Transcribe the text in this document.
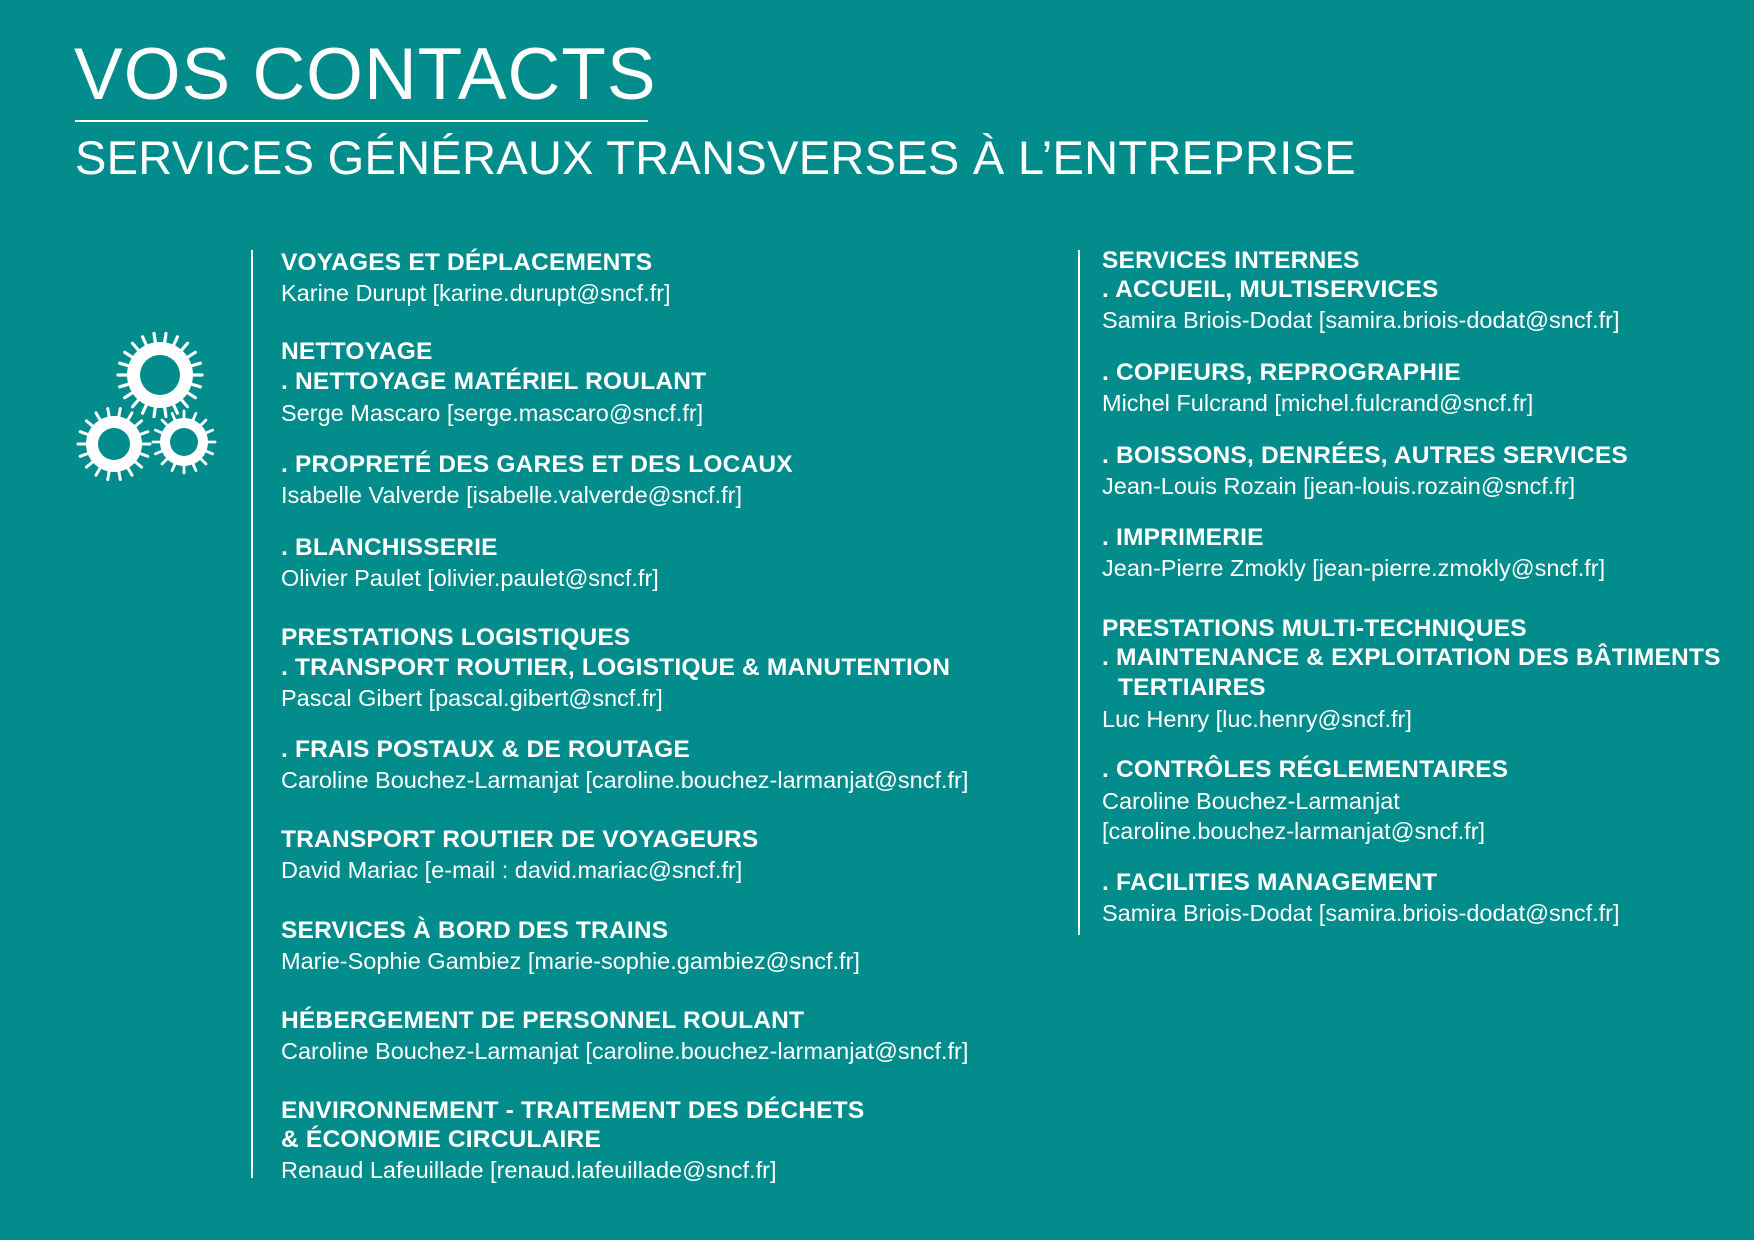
VOS CONTACTS
SERVICES GÉNÉRAUX TRANSVERSES À L’ENTREPRISE

VOYAGES ET DÉPLACEMENTS

Karine Durupt [karine.durupt@sncf.fr]

NETTOYAGE

. NETTOYAGE MATÉRIEL ROULANT

Serge Mascaro [serge.mascaro@sncf.fr]

. PROPRETÉ DES GARES ET DES LOCAUX

Isabelle Valverde [isabelle.valverde@sncf.fr]

. BLANCHISSERIE

Olivier Paulet [olivier.paulet@sncf.fr]

PRESTATIONS LOGISTIQUES

. TRANSPORT ROUTIER, LOGISTIQUE & MANUTENTION

Pascal Gibert [pascal.gibert@sncf.fr]

. FRAIS POSTAUX & DE ROUTAGE

Caroline Bouchez-Larmanjat [caroline.bouchez-larmanjat@sncf.fr]

TRANSPORT ROUTIER DE VOYAGEURS

David Mariac [e-mail : david.mariac@sncf.fr]

SERVICES À BORD DES TRAINS

Marie-Sophie Gambiez [marie-sophie.gambiez@sncf.fr]

HÉBERGEMENT DE PERSONNEL ROULANT

Caroline Bouchez-Larmanjat [caroline.bouchez-larmanjat@sncf.fr]

ENVIRONNEMENT - TRAITEMENT DES DÉCHETS

& ÉCONOMIE CIRCULAIRE

Renaud Lafeuillade [renaud.lafeuillade@sncf.fr]

SERVICES INTERNES

. ACCUEIL, MULTISERVICES

Samira Briois-Dodat [samira.briois-dodat@sncf.fr]

. COPIEURS, REPROGRAPHIE

Michel Fulcrand [michel.fulcrand@sncf.fr]

. BOISSONS, DENRÉES, AUTRES SERVICES

Jean-Louis Rozain [jean-louis.rozain@sncf.fr]

. IMPRIMERIE

Jean-Pierre Zmokly [jean-pierre.zmokly@sncf.fr]

PRESTATIONS MULTI-TECHNIQUES

. MAINTENANCE & EXPLOITATION DES BÂTIMENTS

TERTIAIRES

Luc Henry [luc.henry@sncf.fr]

. CONTRÔLES RÉGLEMENTAIRES

Caroline Bouchez-Larmanjat

[caroline.bouchez-larmanjat@sncf.fr]

. FACILITIES MANAGEMENT

Samira Briois-Dodat [samira.briois-dodat@sncf.fr]
